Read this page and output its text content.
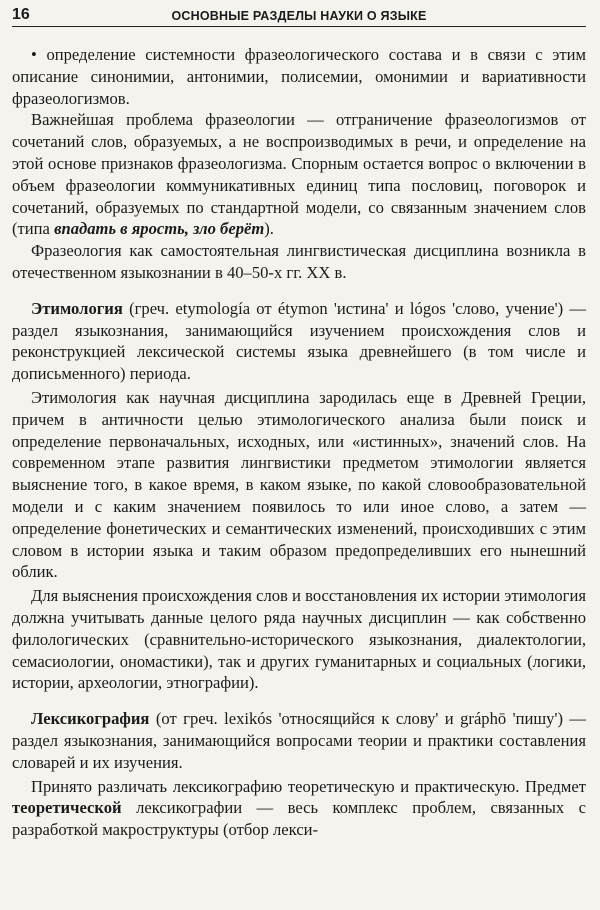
16	ОСНОВНЫЕ РАЗДЕЛЫ НАУКИ О ЯЗЫКЕ

• определение системности фразеологического состава и в связи с этим описание синонимии, антонимии, полисемии, омонимии и вариативности фразеологизмов.

Важнейшая проблема фразеологии — отграничение фразеологизмов от сочетаний слов, образуемых, а не воспроизводимых в речи, и определение на этой основе признаков фразеологизма. Спорным остается вопрос о включении в объем фразеологии коммуникативных единиц типа пословиц, поговорок и сочетаний, образуемых по стандартной модели, со связанным значением слов (типа впадать в ярость, зло берёт).

Фразеология как самостоятельная лингвистическая дисциплина возникла в отечественном языкознании в 40–50-х гг. XX в.

Этимология (греч. etymología от étymon 'истина' и lógos 'слово, учение') — раздел языкознания, занимающийся изучением происхождения слов и реконструкцией лексической системы языка древнейшего (в том числе и дописьменного) периода.

Этимология как научная дисциплина зародилась еще в Древней Греции, причем в античности целью этимологического анализа были поиск и определение первоначальных, исходных, или «истинных», значений слов. На современном этапе развития лингвистики предметом этимологии является выяснение того, в какое время, в каком языке, по какой словообразовательной модели и с каким значением появилось то или иное слово, а затем — определение фонетических и семантических изменений, происходивших с этим словом в истории языка и таким образом предопределивших его нынешний облик.

Для выяснения происхождения слов и восстановления их истории этимология должна учитывать данные целого ряда научных дисциплин — как собственно филологических (сравнительно-исторического языкознания, диалектологии, семасиологии, ономастики), так и других гуманитарных и социальных (логики, истории, археологии, этнографии).

Лексикография (от греч. lexikós 'относящийся к слову' и gráphō 'пишу') — раздел языкознания, занимающийся вопросами теории и практики составления словарей и их изучения.

Принято различать лексикографию теоретическую и практическую. Предмет теоретической лексикографии — весь комплекс проблем, связанных с разработкой макроструктуры (отбор лекси-
